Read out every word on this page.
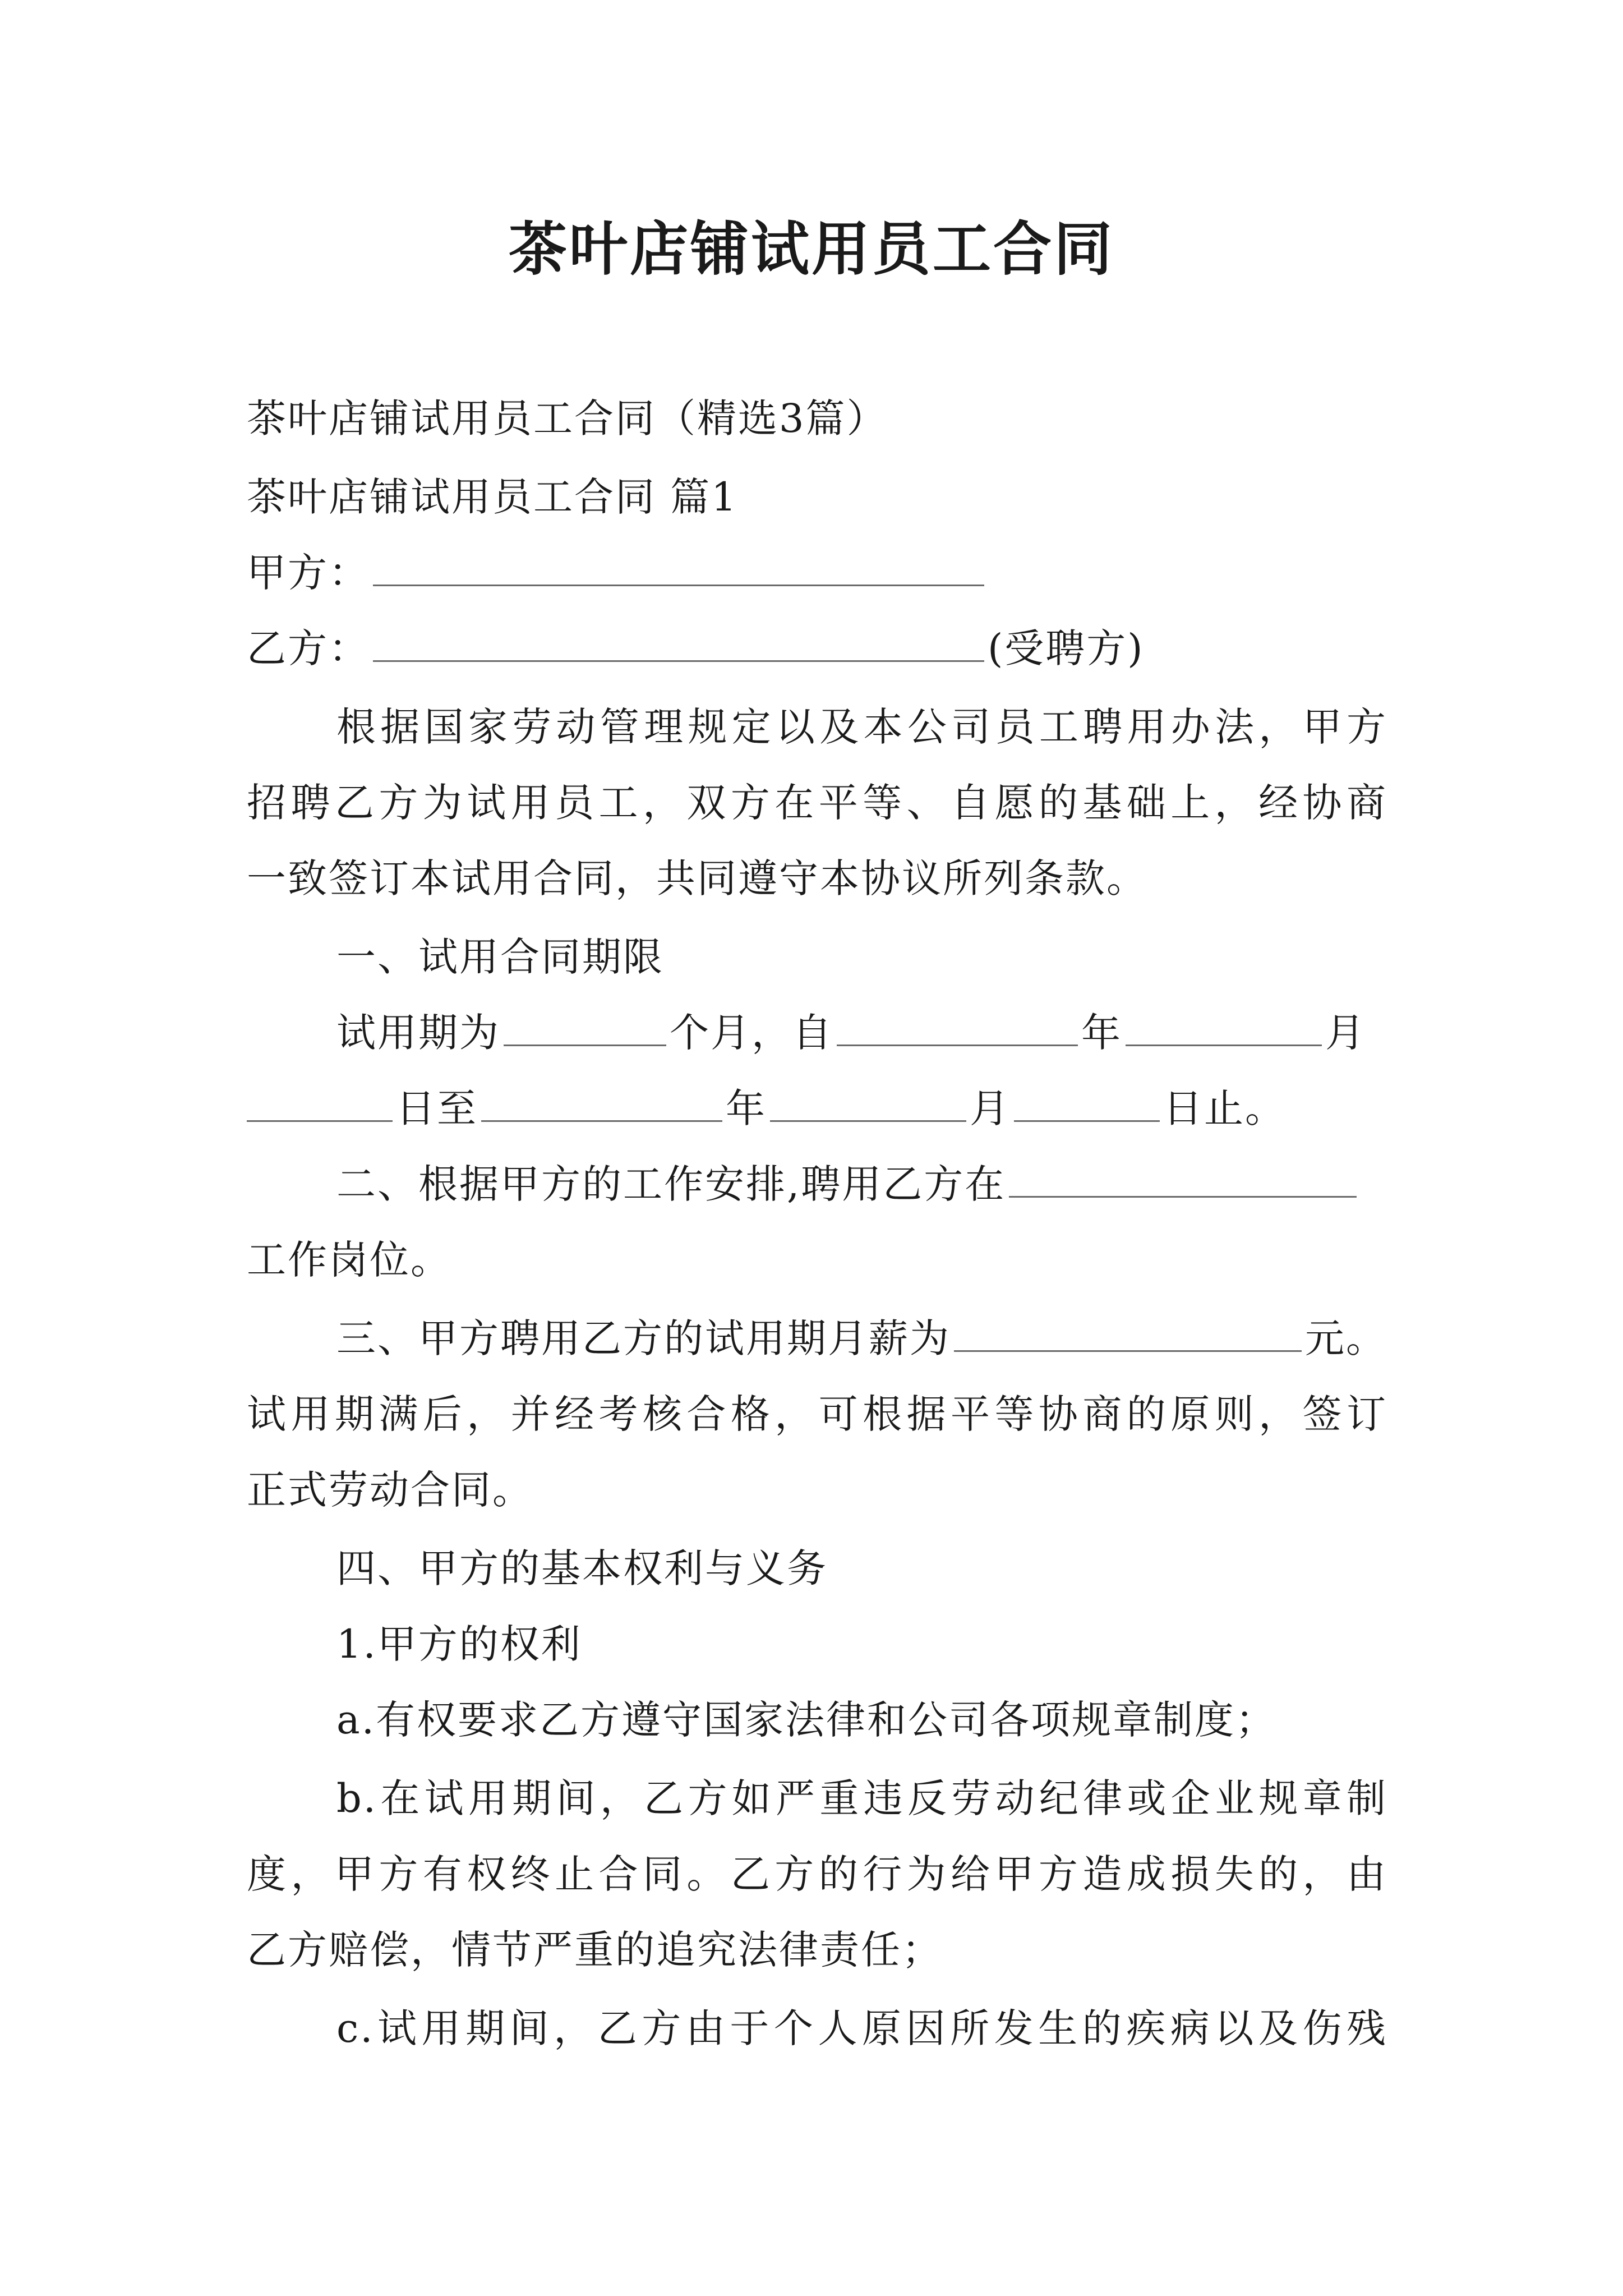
茶叶店铺试用员工合同
茶叶店铺试用员工合同（精选3篇）
茶叶店铺试用员工合同 篇1
甲方：
乙方：	(受聘方)
根据国家劳动管理规定以及本公司员工聘用办法，甲方
招聘乙方为试用员工，双方在平等、自愿的基础上，经协商
一致签订本试用合同，共同遵守本协议所列条款。
一、试用合同期限
试用期为	个月，自	年	月
日至	年	月	日止。
二、根据甲方的工作安排,聘用乙方在
工作岗位。
三、甲方聘用乙方的试用期月薪为	元。
试用期满后，并经考核合格，可根据平等协商的原则，签订
正式劳动合同。
四、甲方的基本权利与义务
1.甲方的权利
a.有权要求乙方遵守国家法律和公司各项规章制度；
b.在试用期间，乙方如严重违反劳动纪律或企业规章制
度，甲方有权终止合同。乙方的行为给甲方造成损失的，由
乙方赔偿，情节严重的追究法律责任；
c.试用期间，乙方由于个人原因所发生的疾病以及伤残
